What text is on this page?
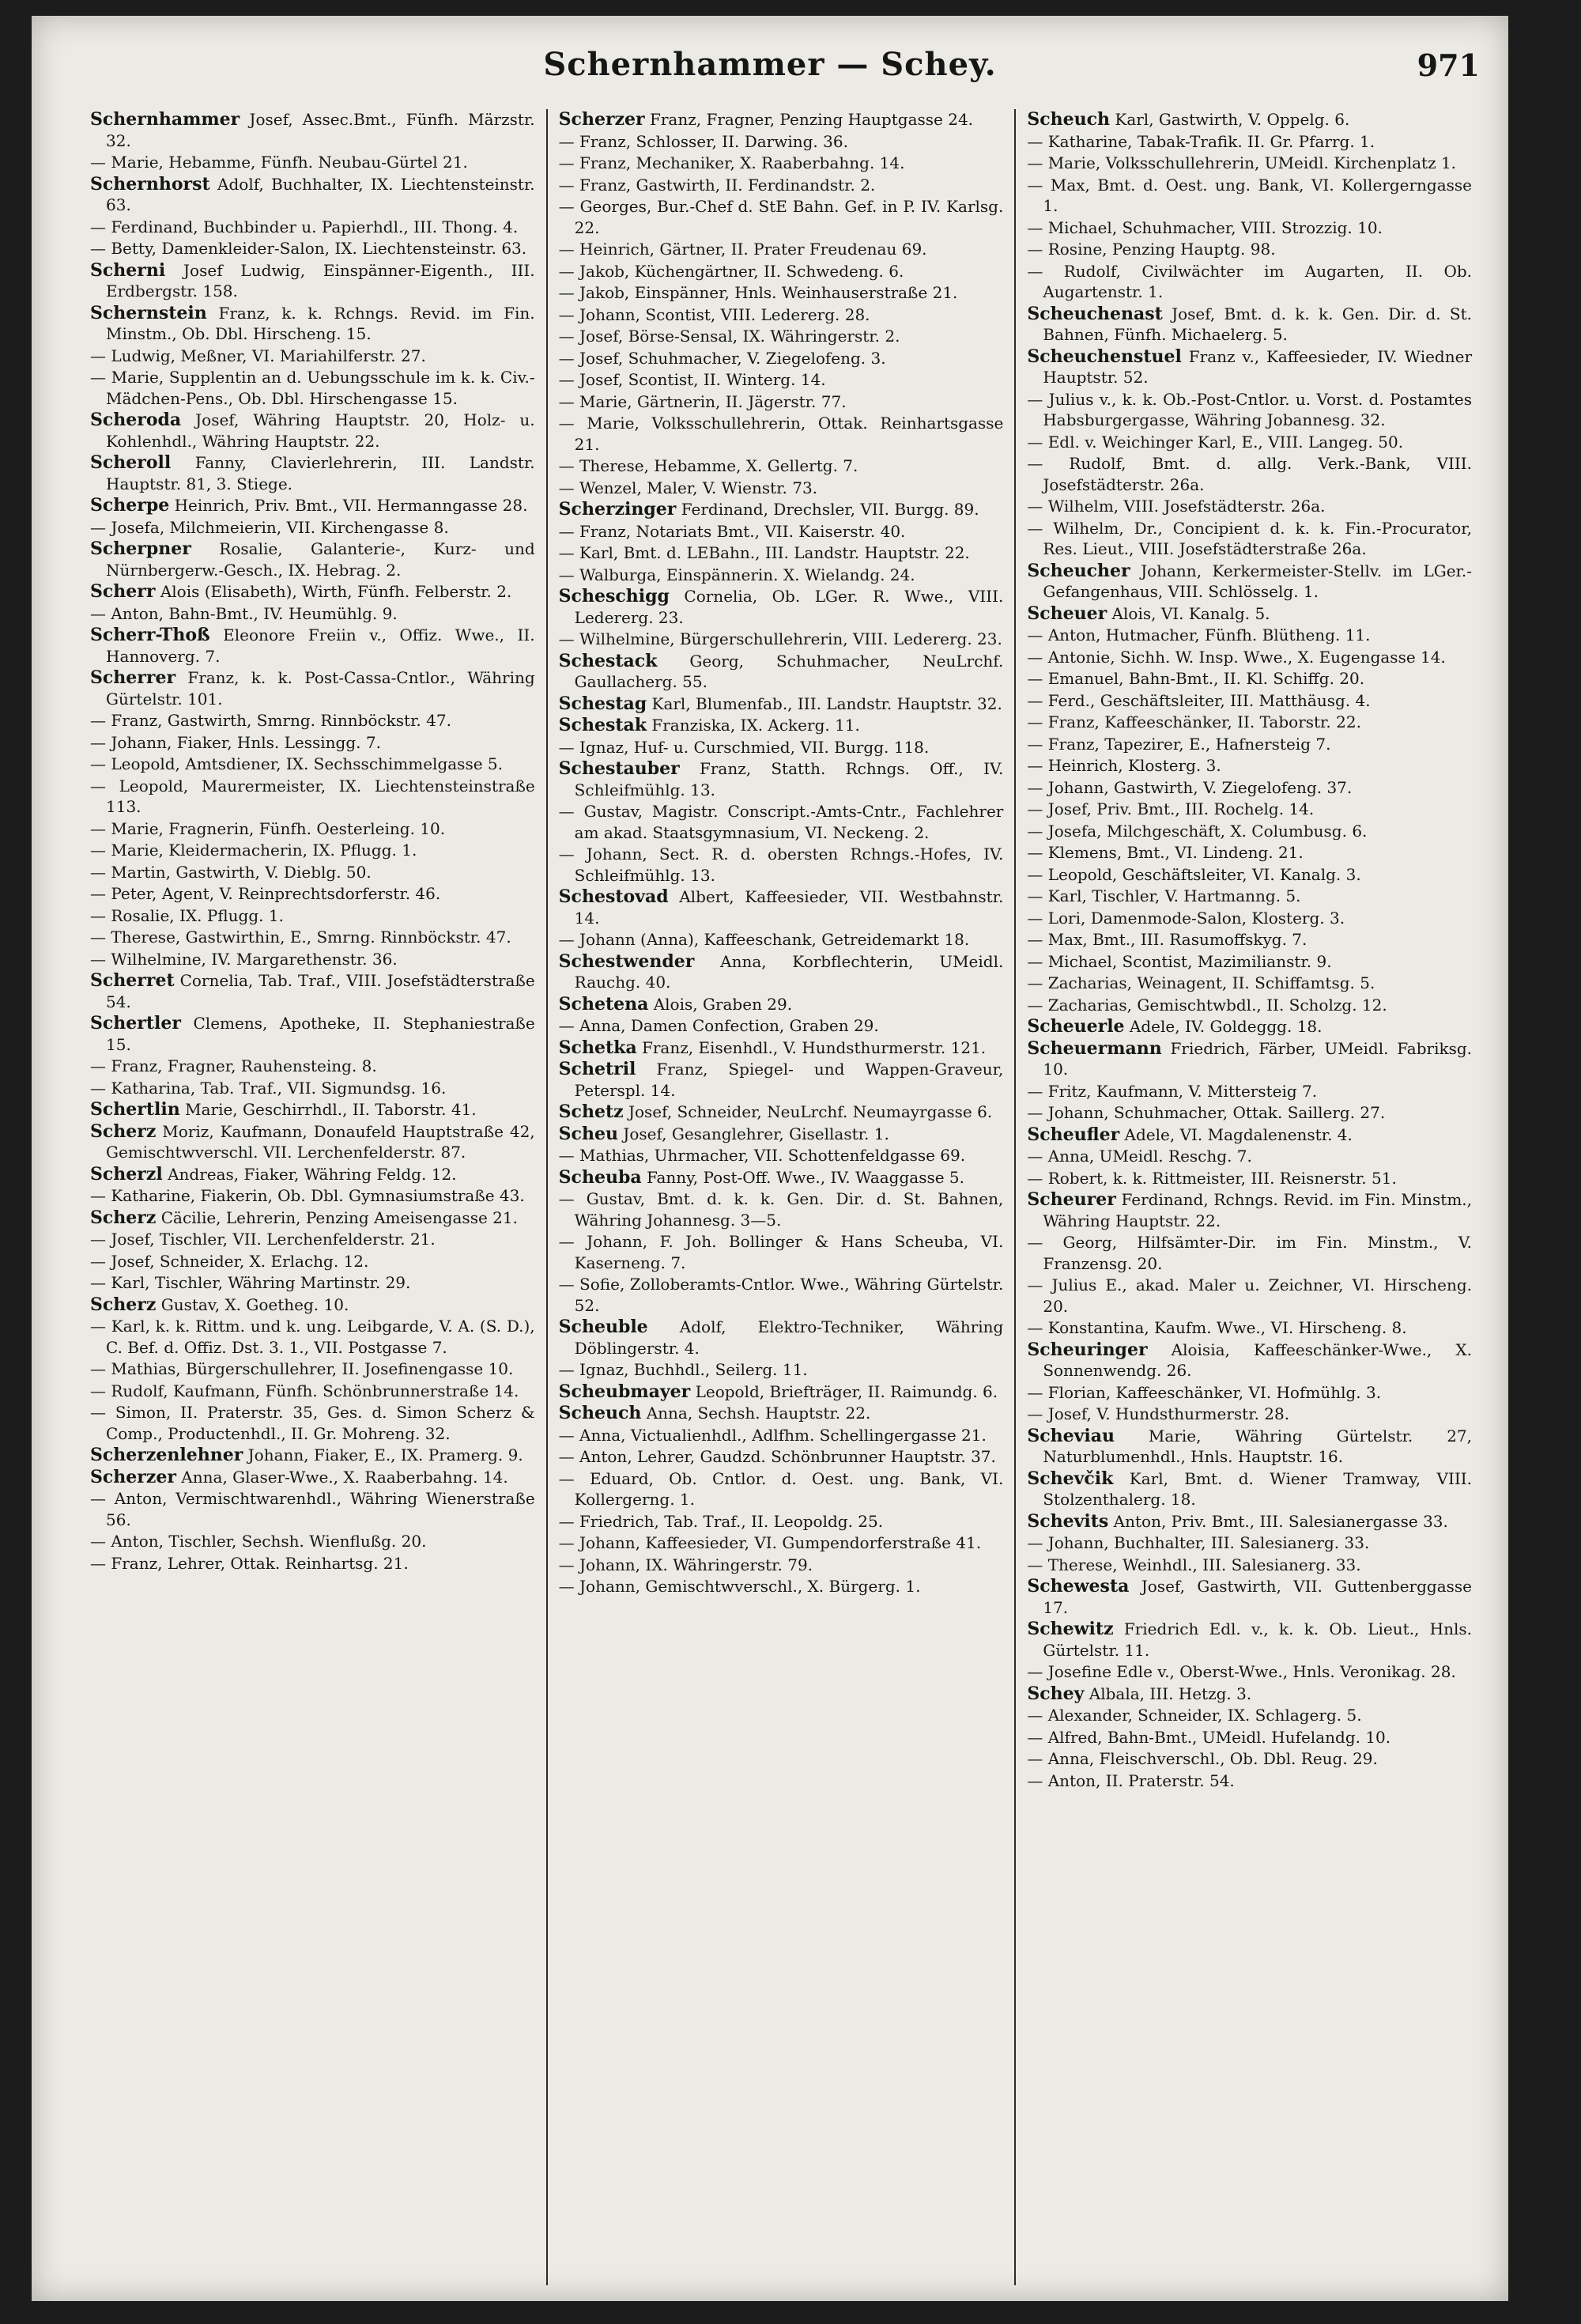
Schernhammer — Schey.	971
Schernhammer Josef, Assec.Bmt., Fünfh. Märzstr. 32.
— Marie, Hebamme, Fünfh. Neubau-Gürtel 21.
Schernhorst Adolf, Buchhalter, IX. Liechtensteinstr. 63.
— Ferdinand, Buchbinder u. Papierhdl., III. Thong. 4.
— Betty, Damenkleider-Salon, IX. Liechtensteinstr. 63.
Scherni Josef Ludwig, Einspänner-Eigenth., III. Erdbergstr. 158.
Schernstein Franz, k. k. Rchngs. Revid. im Fin. Minstm., Ob. Dbl. Hirscheng. 15.
— Ludwig, Meßner, VI. Mariahilferstr. 27.
— Marie, Supplentin an d. Uebungsschule im k. k. Civ.-Mädchen-Pens., Ob. Dbl. Hirschengasse 15.
Scheroda Josef, Währing Hauptstr. 20, Holz- u. Kohlenhdl., Währing Hauptstr. 22.
Scheroll Fanny, Clavierlehrerin, III. Landstr. Hauptstr. 81, 3. Stiege.
Scherpe Heinrich, Priv. Bmt., VII. Hermanngasse 28.
— Josefa, Milchmeierin, VII. Kirchengasse 8.
Scherpner Rosalie, Galanterie-, Kurz- und Nürnbergerw.-Gesch., IX. Hebrag. 2.
Scherr Alois (Elisabeth), Wirth, Fünfh. Felberstr. 2.
— Anton, Bahn-Bmt., IV. Heumühlg. 9.
Scherr-Thoß Eleonore Freiin v., Offiz. Wwe., II. Hannoverg. 7.
Scherrer Franz, k. k. Post-Cassa-Cntlor., Währing Gürtelstr. 101.
— Franz, Gastwirth, Smrng. Rinnböckstr. 47.
— Johann, Fiaker, Hnls. Lessingg. 7.
— Leopold, Amtsdiener, IX. Sechsschimmelgasse 5.
— Leopold, Maurermeister, IX. Liechtensteinstraße 113.
— Marie, Fragnerin, Fünfh. Oesterleing. 10.
— Marie, Kleidermacherin, IX. Pflugg. 1.
— Martin, Gastwirth, V. Dieblg. 50.
— Peter, Agent, V. Reinprechtsdorferstr. 46.
— Rosalie, IX. Pflugg. 1.
— Therese, Gastwirthin, E., Smrng. Rinnböckstr. 47.
— Wilhelmine, IV. Margarethenstr. 36.
Scherret Cornelia, Tab. Traf., VIII. Josefstädterstraße 54.
Schertler Clemens, Apotheke, II. Stephaniestraße 15.
— Franz, Fragner, Rauhensteing. 8.
— Katharina, Tab. Traf., VII. Sigmundsg. 16.
Schertlin Marie, Geschirrhdl., II. Taborstr. 41.
Scherz Moriz, Kaufmann, Donaufeld Hauptstraße 42, Gemischtwverschl. VII. Lerchenfelderstr. 87.
Scherzl Andreas, Fiaker, Währing Feldg. 12.
— Katharine, Fiakerin, Ob. Dbl. Gymnasiumstraße 43.
Scherz Cäcilie, Lehrerin, Penzing Ameisengasse 21.
— Josef, Tischler, VII. Lerchenfelderstr. 21.
— Josef, Schneider, X. Erlachg. 12.
— Karl, Tischler, Währing Martinstr. 29.
Scherz Gustav, X. Goetheg. 10.
— Karl, k. k. Rittm. und k. ung. Leibgarde, V. A. (S. D.), C. Bef. d. Offiz. Dst. 3. 1., VII. Postgasse 7.
— Mathias, Bürgerschullehrer, II. Josefinengasse 10.
— Rudolf, Kaufmann, Fünfh. Schönbrunnerstraße 14.
— Simon, II. Praterstr. 35, Ges. d. Simon Scherz & Comp., Productenhdl., II. Gr. Mohreng. 32.
Scherzenlehner Johann, Fiaker, E., IX. Pramerg. 9.
Scherzer Anna, Glaser-Wwe., X. Raaberbahng. 14.
— Anton, Vermischtwarenhdl., Währing Wienerstraße 56.
— Anton, Tischler, Sechsh. Wienflußg. 20.
— Franz, Lehrer, Ottak. Reinhartsg. 21.
Scherzer Franz, Fragner, Penzing Hauptgasse 24.
— Franz, Schlosser, II. Darwing. 36.
— Franz, Mechaniker, X. Raaberbahng. 14.
— Franz, Gastwirth, II. Ferdinandstr. 2.
— Georges, Bur.-Chef d. StE Bahn. Gef. in P. IV. Karlsg. 22.
— Heinrich, Gärtner, II. Prater Freudenau 69.
— Jakob, Küchengärtner, II. Schwedeng. 6.
— Jakob, Einspänner, Hnls. Weinhauserstraße 21.
— Johann, Scontist, VIII. Ledererg. 28.
— Josef, Börse-Sensal, IX. Währingerstr. 2.
— Josef, Schuhmacher, V. Ziegelofeng. 3.
— Josef, Scontist, II. Winterg. 14.
— Marie, Gärtnerin, II. Jägerstr. 77.
— Marie, Volksschullehrerin, Ottak. Reinhartsgasse 21.
— Therese, Hebamme, X. Gellertg. 7.
— Wenzel, Maler, V. Wienstr. 73.
Scherzinger Ferdinand, Drechsler, VII. Burgg. 89.
— Franz, Notariats Bmt., VII. Kaiserstr. 40.
— Karl, Bmt. d. LEBahn., III. Landstr. Hauptstr. 22.
— Walburga, Einspännerin. X. Wielandg. 24.
Scheschigg Cornelia, Ob. LGer. R. Wwe., VIII. Ledererg. 23.
— Wilhelmine, Bürgerschullehrerin, VIII. Ledererg. 23.
Schestack Georg, Schuhmacher, NeuLrchf. Gaullacherg. 55.
Schestag Karl, Blumenfab., III. Landstr. Hauptstr. 32.
Schestak Franziska, IX. Ackerg. 11.
— Ignaz, Huf- u. Curschmied, VII. Burgg. 118.
Schestauber Franz, Statth. Rchngs. Off., IV. Schleifmühlg. 13.
— Gustav, Magistr. Conscript.-Amts-Cntr., Fachlehrer am akad. Staatsgymnasium, VI. Neckeng. 2.
— Johann, Sect. R. d. obersten Rchngs.-Hofes, IV. Schleifmühlg. 13.
Schestovad Albert, Kaffeesieder, VII. Westbahnstr. 14.
— Johann (Anna), Kaffeeschank, Getreidemarkt 18.
Schestwender Anna, Korbflechterin, UMeidl. Rauchg. 40.
Schetena Alois, Graben 29.
— Anna, Damen Confection, Graben 29.
Schetka Franz, Eisenhdl., V. Hundsthurmerstr. 121.
Schetril Franz, Spiegel- und Wappen-Graveur, Peterspl. 14.
Schetz Josef, Schneider, NeuLrchf. Neumayrgasse 6.
Scheu Josef, Gesanglehrer, Gisellastr. 1.
— Mathias, Uhrmacher, VII. Schottenfeldgasse 69.
Scheuba Fanny, Post-Off. Wwe., IV. Waaggasse 5.
— Gustav, Bmt. d. k. k. Gen. Dir. d. St. Bahnen, Währing Johannesg. 3—5.
— Johann, F. Joh. Bollinger & Hans Scheuba, VI. Kaserneng. 7.
— Sofie, Zolloberamts-Cntlor. Wwe., Währing Gürtelstr. 52.
Scheuble Adolf, Elektro-Techniker, Währing Döblingerstr. 4.
— Ignaz, Buchhdl., Seilerg. 11.
Scheubmayer Leopold, Briefträger, II. Raimundg. 6.
Scheuch Anna, Sechsh. Hauptstr. 22.
— Anna, Victualienhdl., Adlfhm. Schellingergasse 21.
— Anton, Lehrer, Gaudzd. Schönbrunner Hauptstr. 37.
— Eduard, Ob. Cntlor. d. Oest. ung. Bank, VI. Kollergerng. 1.
— Friedrich, Tab. Traf., II. Leopoldg. 25.
— Johann, Kaffeesieder, VI. Gumpendorferstraße 41.
— Johann, IX. Währingerstr. 79.
— Johann, Gemischtwverschl., X. Bürgerg. 1.
Scheuch Karl, Gastwirth, V. Oppelg. 6.
— Katharine, Tabak-Trafik. II. Gr. Pfarrg. 1.
— Marie, Volksschullehrerin, UMeidl. Kirchenplatz 1.
— Max, Bmt. d. Oest. ung. Bank, VI. Kollergerngasse 1.
— Michael, Schuhmacher, VIII. Strozzig. 10.
— Rosine, Penzing Hauptg. 98.
— Rudolf, Civilwächter im Augarten, II. Ob. Augartenstr. 1.
Scheuchenast Josef, Bmt. d. k. k. Gen. Dir. d. St. Bahnen, Fünfh. Michaelerg. 5.
Scheuchenstuel Franz v., Kaffeesieder, IV. Wiedner Hauptstr. 52.
— Julius v., k. k. Ob.-Post-Cntlor. u. Vorst. d. Postamtes Habsburgergasse, Währing Jobannesg. 32.
— Edl. v. Weichinger Karl, E., VIII. Langeg. 50.
— Rudolf, Bmt. d. allg. Verk.-Bank, VIII. Josefstädterstr. 26a.
— Wilhelm, VIII. Josefstädterstr. 26a.
— Wilhelm, Dr., Concipient d. k. k. Fin.-Procurator, Res. Lieut., VIII. Josefstädterstraße 26a.
Scheucher Johann, Kerkermeister-Stellv. im LGer.-Gefangenhaus, VIII. Schlösselg. 1.
Scheuer Alois, VI. Kanalg. 5.
— Anton, Hutmacher, Fünfh. Blütheng. 11.
— Antonie, Sichh. W. Insp. Wwe., X. Eugengasse 14.
— Emanuel, Bahn-Bmt., II. Kl. Schiffg. 20.
— Ferd., Geschäftsleiter, III. Matthäusg. 4.
— Franz, Kaffeeschänker, II. Taborstr. 22.
— Franz, Tapezirer, E., Hafnersteig 7.
— Heinrich, Klosterg. 3.
— Johann, Gastwirth, V. Ziegelofeng. 37.
— Josef, Priv. Bmt., III. Rochelg. 14.
— Josefa, Milchgeschäft, X. Columbusg. 6.
— Klemens, Bmt., VI. Lindeng. 21.
— Leopold, Geschäftsleiter, VI. Kanalg. 3.
— Karl, Tischler, V. Hartmanng. 5.
— Lori, Damenmode-Salon, Klosterg. 3.
— Max, Bmt., III. Rasumoffskyg. 7.
— Michael, Scontist, Mazimilianstr. 9.
— Zacharias, Weinagent, II. Schiffamtsg. 5.
— Zacharias, Gemischtwbdl., II. Scholzg. 12.
Scheuerle Adele, IV. Goldeggg. 18.
Scheuermann Friedrich, Färber, UMeidl. Fabriksg. 10.
— Fritz, Kaufmann, V. Mittersteig 7.
— Johann, Schuhmacher, Ottak. Saillerg. 27.
Scheufler Adele, VI. Magdalenenstr. 4.
— Anna, UMeidl. Reschg. 7.
— Robert, k. k. Rittmeister, III. Reisnerstr. 51.
Scheurer Ferdinand, Rchngs. Revid. im Fin. Minstm., Währing Hauptstr. 22.
— Georg, Hilfsämter-Dir. im Fin. Minstm., V. Franzensg. 20.
— Julius E., akad. Maler u. Zeichner, VI. Hirscheng. 20.
— Konstantina, Kaufm. Wwe., VI. Hirscheng. 8.
Scheuringer Aloisia, Kaffeeschänker-Wwe., X. Sonnenwendg. 26.
— Florian, Kaffeeschänker, VI. Hofmühlg. 3.
— Josef, V. Hundsthurmerstr. 28.
Scheviau Marie, Währing Gürtelstr. 27, Naturblumenhdl., Hnls. Hauptstr. 16.
Schevčik Karl, Bmt. d. Wiener Tramway, VIII. Stolzenthalerg. 18.
Schevits Anton, Priv. Bmt., III. Salesianergasse 33.
— Johann, Buchhalter, III. Salesianerg. 33.
— Therese, Weinhdl., III. Salesianerg. 33.
Schewesta Josef, Gastwirth, VII. Guttenberggasse 17.
Schewitz Friedrich Edl. v., k. k. Ob. Lieut., Hnls. Gürtelstr. 11.
— Josefine Edle v., Oberst-Wwe., Hnls. Veronikag. 28.
Schey Albala, III. Hetzg. 3.
— Alexander, Schneider, IX. Schlagerg. 5.
— Alfred, Bahn-Bmt., UMeidl. Hufelandg. 10.
— Anna, Fleischverschl., Ob. Dbl. Reug. 29.
— Anton, II. Praterstr. 54.
